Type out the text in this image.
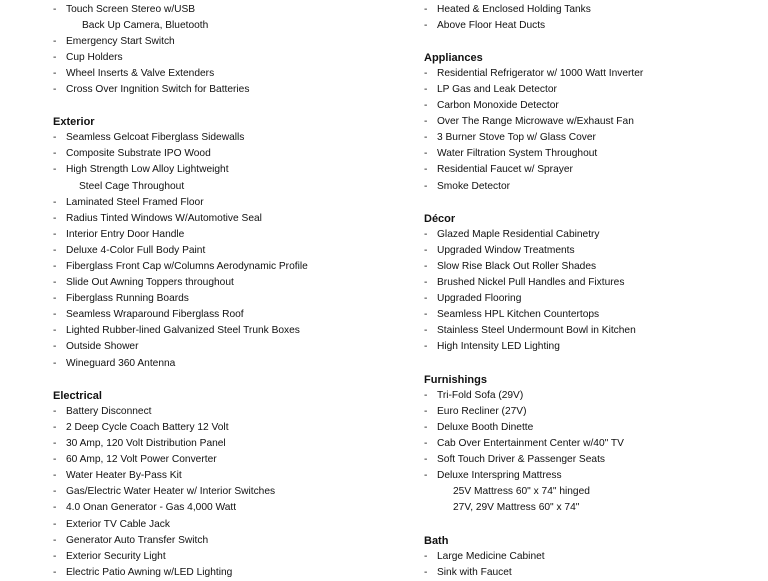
- Touch Screen Stereo w/USB
Back Up Camera, Bluetooth
- Emergency Start Switch
- Cup Holders
- Wheel Inserts & Valve Extenders
- Cross Over Ingnition Switch for Batteries
Exterior
- Seamless Gelcoat Fiberglass Sidewalls
- Composite Substrate IPO Wood
- High Strength Low Alloy Lightweight
Steel Cage Throughout
- Laminated Steel Framed Floor
- Radius Tinted Windows W/Automotive Seal
- Interior Entry Door Handle
- Deluxe 4-Color Full Body Paint
- Fiberglass Front Cap w/Columns Aerodynamic Profile
- Slide Out Awning Toppers throughout
- Fiberglass Running Boards
- Seamless Wraparound Fiberglass Roof
- Lighted Rubber-lined Galvanized Steel Trunk Boxes
- Outside Shower
- Wineguard 360 Antenna
Electrical
- Battery Disconnect
- 2 Deep Cycle Coach Battery 12 Volt
- 30 Amp, 120 Volt Distribution Panel
- 60 Amp, 12 Volt Power Converter
- Water Heater By-Pass Kit
- Gas/Electric Water Heater w/ Interior Switches
- 4.0 Onan Generator - Gas 4,000 Watt
- Exterior TV Cable Jack
- Generator Auto Transfer Switch
- Exterior Security Light
- Electric Patio Awning w/LED Lighting
- Heated & Enclosed Holding Tanks
- Above Floor Heat Ducts
Appliances
- Residential Refrigerator w/ 1000 Watt Inverter
- LP Gas and Leak Detector
- Carbon Monoxide Detector
- Over The Range Microwave w/Exhaust Fan
- 3 Burner Stove Top w/ Glass Cover
- Water Filtration System Throughout
- Residential Faucet w/ Sprayer
- Smoke Detector
Décor
- Glazed Maple Residential Cabinetry
- Upgraded Window Treatments
- Slow Rise Black Out Roller Shades
- Brushed Nickel Pull Handles and Fixtures
- Upgraded Flooring
- Seamless HPL Kitchen Countertops
- Stainless Steel Undermount Bowl in Kitchen
- High Intensity LED Lighting
Furnishings
- Tri-Fold Sofa (29V)
- Euro Recliner (27V)
- Deluxe Booth Dinette
- Cab Over Entertainment Center w/40" TV
- Soft Touch Driver & Passenger Seats
- Deluxe Interspring Mattress
25V Mattress 60" x 74" hinged
27V, 29V Mattress 60" x 74"
Bath
- Large Medicine Cabinet
- Sink with Faucet
